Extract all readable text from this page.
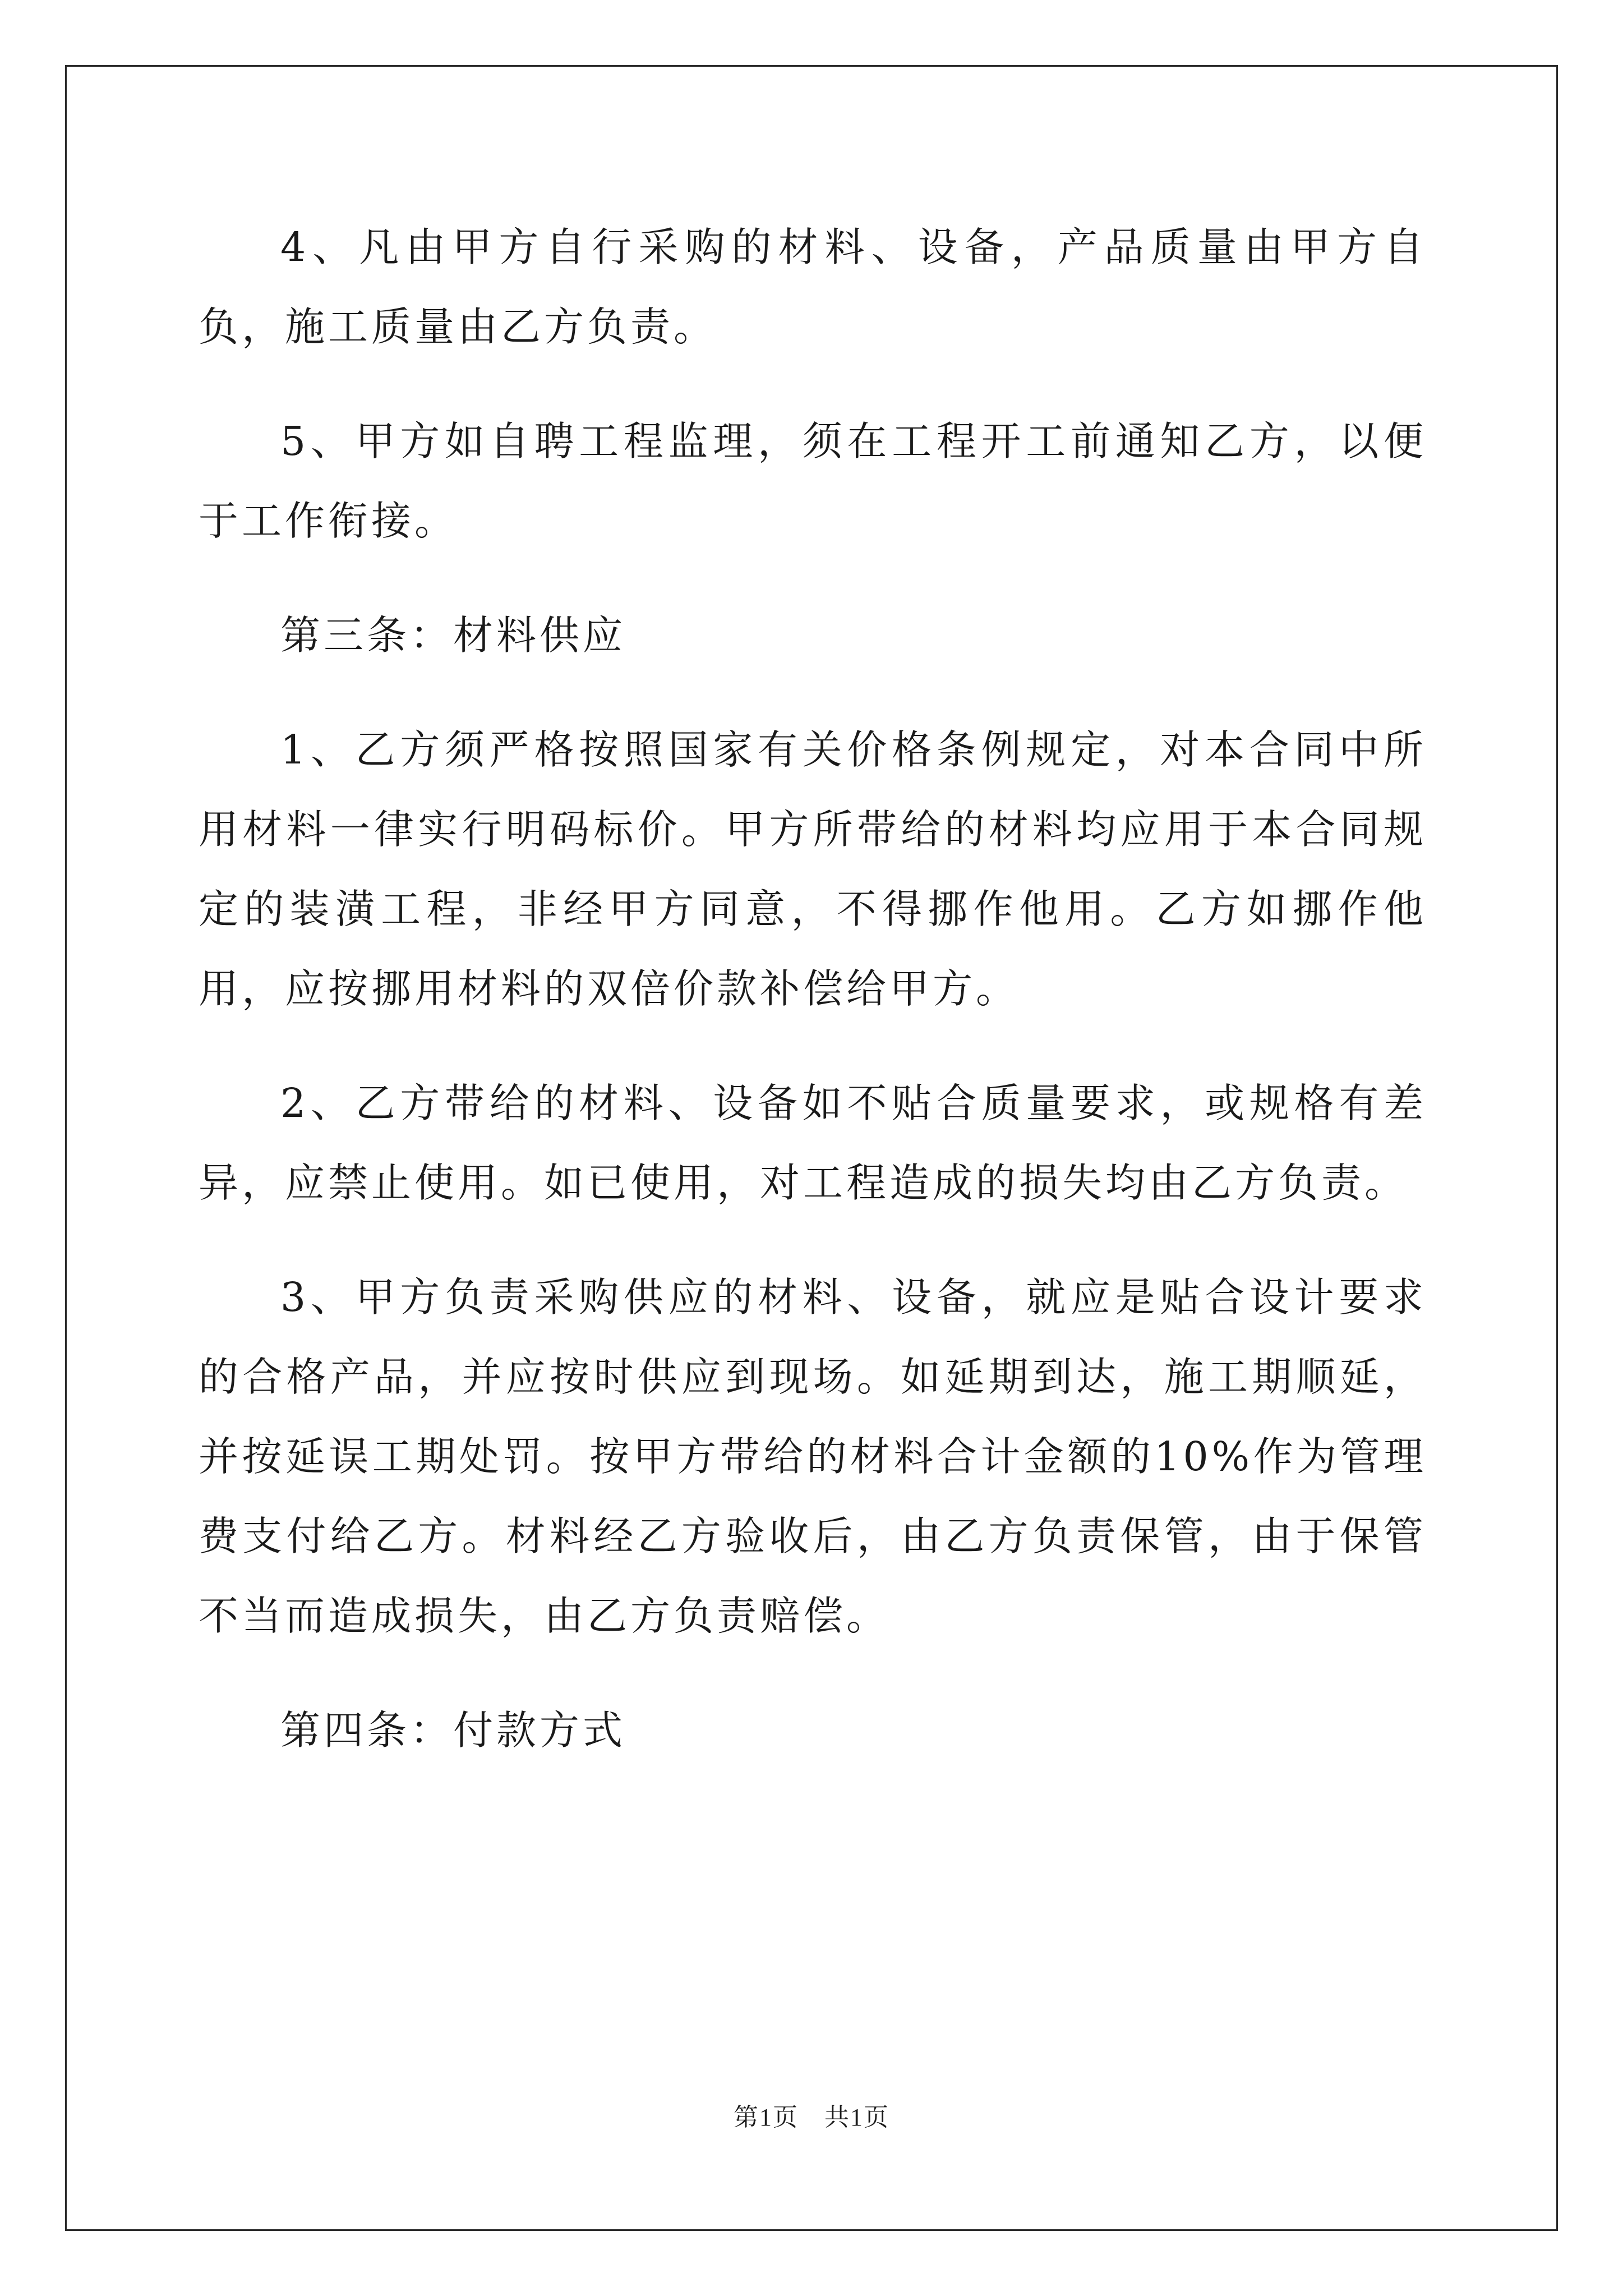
4、凡由甲方自行采购的材料、设备，产品质量由甲方自负，施工质量由乙方负责。

5、甲方如自聘工程监理，须在工程开工前通知乙方，以便于工作衔接。

第三条：材料供应

1、乙方须严格按照国家有关价格条例规定，对本合同中所用材料一律实行明码标价。甲方所带给的材料均应用于本合同规定的装潢工程，非经甲方同意，不得挪作他用。乙方如挪作他用，应按挪用材料的双倍价款补偿给甲方。

2、乙方带给的材料、设备如不贴合质量要求，或规格有差异，应禁止使用。如已使用，对工程造成的损失均由乙方负责。

3、甲方负责采购供应的材料、设备，就应是贴合设计要求的合格产品，并应按时供应到现场。如延期到达，施工期顺延，并按延误工期处罚。按甲方带给的材料合计金额的10%作为管理费支付给乙方。材料经乙方验收后，由乙方负责保管，由于保管不当而造成损失，由乙方负责赔偿。

第四条：付款方式

第1页　共1页
